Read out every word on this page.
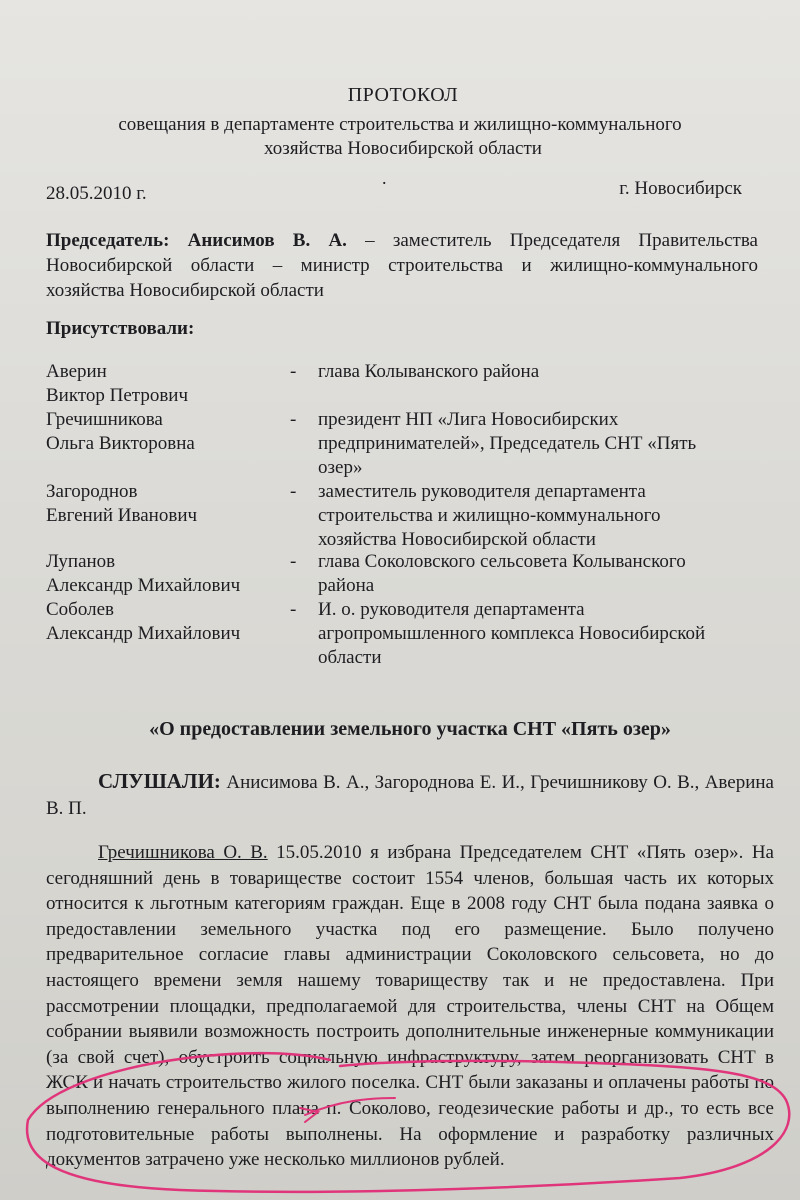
ПРОТОКОЛ
совещания в департаменте строительства и жилищно-коммунального
хозяйства Новосибирской области
.
28.05.2010 г.	г. Новосибирск
Председатель: Анисимов В. А. – заместитель Председателя Правительства Новосибирской области – министр строительства и жилищно-коммунального хозяйства Новосибирской области
Присутствовали:
Аверин
Виктор Петрович
- глава Колыванского района
Гречишникова
Ольга Викторовна
- президент НП «Лига Новосибирских
предпринимателей», Председатель СНТ «Пять
озер»
Загороднов
Евгений Иванович
- заместитель руководителя департамента
строительства и жилищно-коммунального
хозяйства Новосибирской области
Лупанов
Александр Михайлович
- глава Соколовского сельсовета Колыванского
района
Соболев
Александр Михайлович
- И. о. руководителя департамента
агропромышленного комплекса Новосибирской
области
«О предоставлении земельного участка СНТ «Пять озер»
СЛУШАЛИ: Анисимова В. А., Загороднова Е. И., Гречишникову О. В., Аверина В. П.

Гречишникова О. В. 15.05.2010 я избрана Председателем СНТ «Пять озер». На сегодняшний день в товариществе состоит 1554 членов, большая часть их которых относится к льготным категориям граждан. Еще в 2008 году СНТ была подана заявка о предоставлении земельного участка под его размещение. Было получено предварительное согласие главы администрации Соколовского сельсовета, но до настоящего времени земля нашему товариществу так и не предоставлена. При рассмотрении площадки, предполагаемой для строительства, члены СНТ на Общем собрании выявили возможность построить дополнительные инженерные коммуникации (за свой счет), обустроить социальную инфраструктуру, затем реорганизовать СНТ в ЖСК и начать строительство жилого поселка. СНТ были заказаны и оплачены работы по выполнению генерального плана п. Соколово, геодезические работы и др., то есть все подготовительные работы выполнены. На оформление и разработку различных документов затрачено уже несколько миллионов рублей.
